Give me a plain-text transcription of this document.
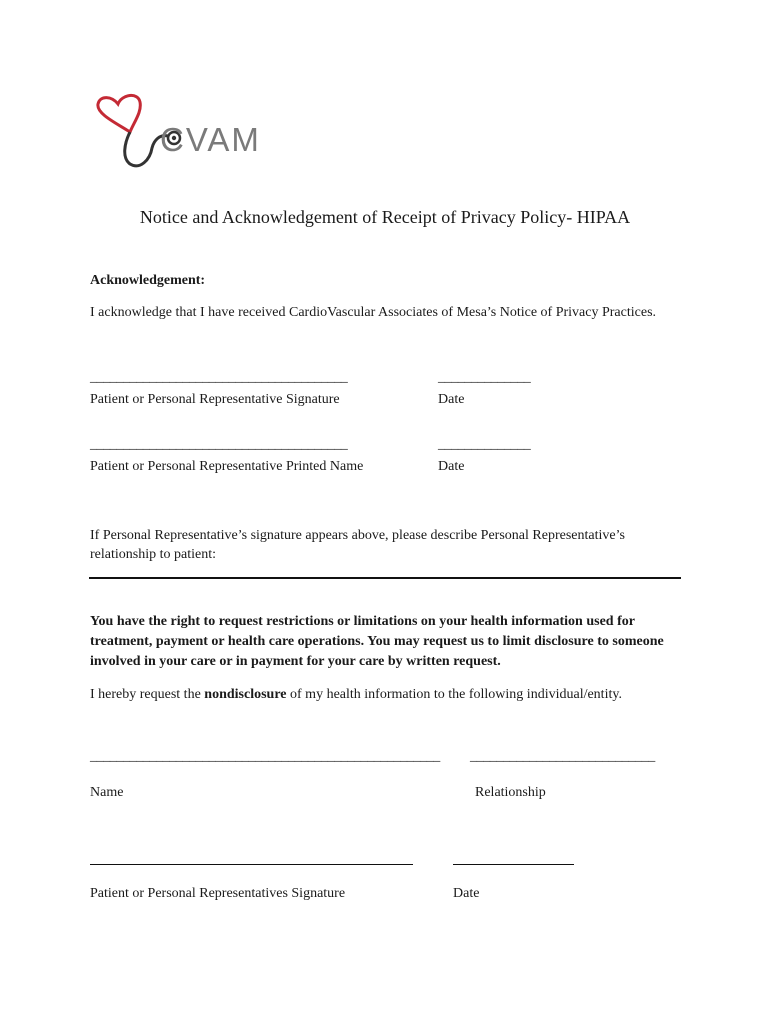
CVAM
Notice and Acknowledgement of Receipt of Privacy Policy- HIPAA
Acknowledgement:
I acknowledge that I have received CardioVascular Associates of Mesa’s Notice of Privacy Practices.
_______________________________________	______________
Patient or Personal Representative Signature	Date
_______________________________________	______________
Patient or Personal Representative Printed Name	Date
If Personal Representative’s signature appears above, please describe Personal Representative’s relationship to patient:
You have the right to request restrictions or limitations on your health information used for treatment, payment or health care operations. You may request us to limit disclosure to someone involved in your care or in payment for your care by written request.
I hereby request the nondisclosure of my health information to the following individual/entity.
_____________________________________________________ ____________________________
Name	Relationship
Patient or Personal Representatives Signature	Date
